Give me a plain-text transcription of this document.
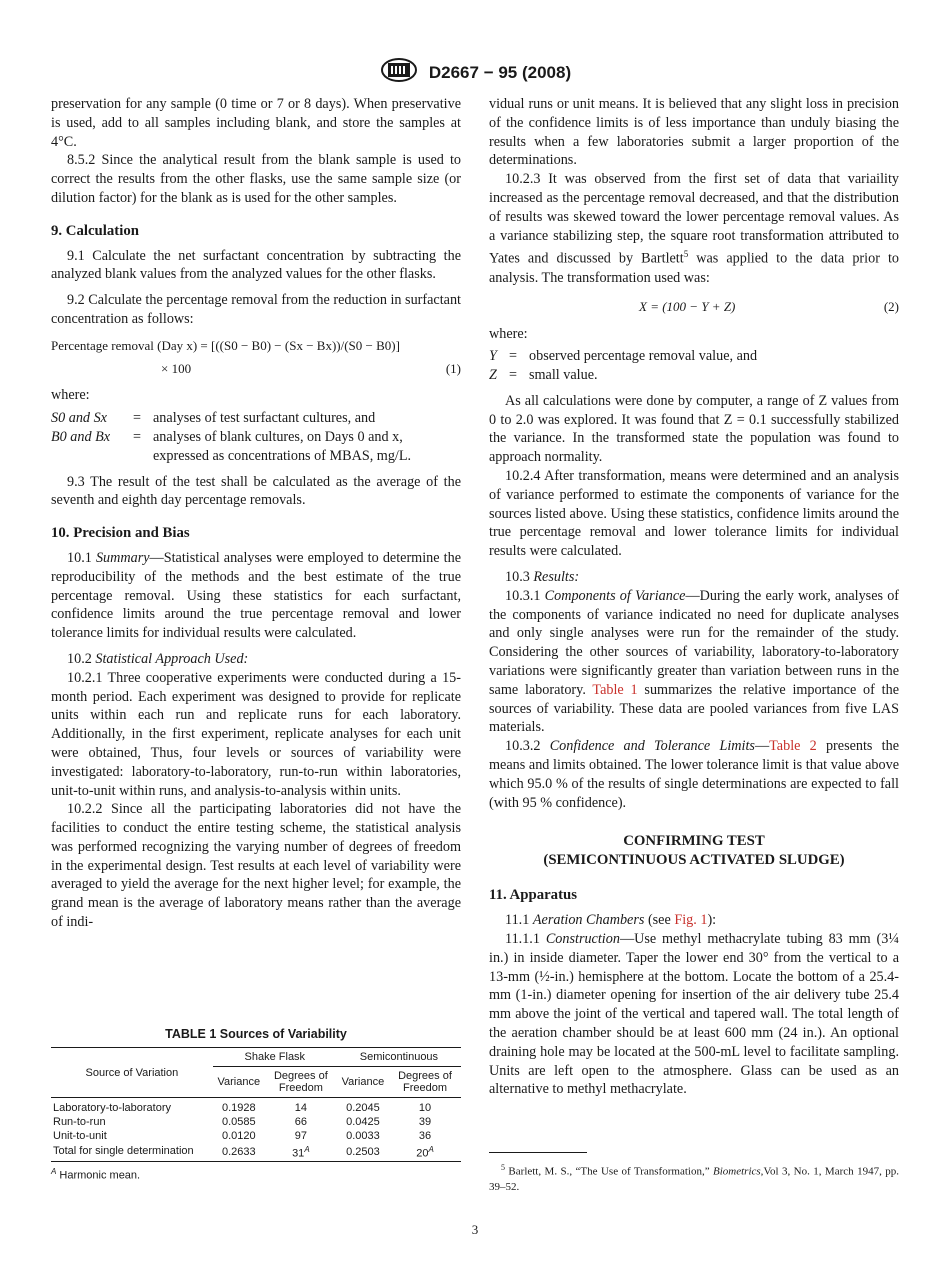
D2667 − 95 (2008)

preservation for any sample (0 time or 7 or 8 days). When preservative is used, add to all samples including blank, and store the samples at 4°C.

8.5.2 Since the analytical result from the blank sample is used to correct the results from the other flasks, use the same sample size (or dilution factor) for the blank as is used for the other samples.

9. Calculation

9.1 Calculate the net surfactant concentration by subtracting the analyzed blank values from the analyzed values for the other flasks.

9.2 Calculate the percentage removal from the reduction in surfactant concentration as follows:

Percentage removal (Day x) = [((S0 − B0) − (Sx − Bx))/(S0 − B0)]
× 100	(1)

where:

S0 and Sx	=	analyses of test surfactant cultures, and
B0 and Bx	=	analyses of blank cultures, on Days 0 and x, expressed as concentrations of MBAS, mg/L.

9.3 The result of the test shall be calculated as the average of the seventh and eighth day percentage removals.

10. Precision and Bias

10.1 Summary—Statistical analyses were employed to determine the reproducibility of the methods and the best estimate of the true percentage removal. Using these statistics for each surfactant, confidence limits around the true percentage removal and lower tolerance limits for individual results were calculated.

10.2 Statistical Approach Used:

10.2.1 Three cooperative experiments were conducted during a 15-month period. Each experiment was designed to provide for replicate units within each run and replicate runs for each laboratory. Additionally, in the first experiment, replicate analyses for each unit were obtained, Thus, four levels or sources of variability were investigated: laboratory-to-laboratory, run-to-run within laboratories, unit-to-unit within runs, and analysis-to-analysis within units.

10.2.2 Since all the participating laboratories did not have the facilities to conduct the entire testing scheme, the statistical analysis was performed recognizing the varying number of degrees of freedom in the experimental design. Test results at each level of variability were averaged to yield the average for the next higher level; for example, the grand mean is the average of laboratory means rather than the average of indi-

TABLE 1 Sources of Variability
Source of Variation	Shake Flask		Semicontinuous	
	Variance	Degrees of Freedom	Variance	Degrees of Freedom
Laboratory-to-laboratory	0.1928	14	0.2045	10
Run-to-run	0.0585	66	0.0425	39
Unit-to-unit	0.0120	97	0.0033	36
Total for single determination	0.2633	$31^A$	0.2503	$20^A$
$^A$ Harmonic mean.

vidual runs or unit means. It is believed that any slight loss in precision of the confidence limits is of less importance than unduly biasing the results when a few laboratories submit a larger proportion of the determinations.

10.2.3 It was observed from the first set of data that variaility increased as the percentage removal decreased, and that the distribution of results was skewed toward the lower percentage removal values. As a variance stabilizing step, the square root transformation attributed to Yates and discussed by Bartlett$^5$ was applied to the data prior to analysis. The transformation used was:

X = (100 − Y + Z)	(2)

where:

Y	=	observed percentage removal value, and
Z	=	small value.

As all calculations were done by computer, a range of Z values from 0 to 2.0 was explored. It was found that Z = 0.1 successfully stabilized the variance. In the transformed state the population was found to approach normality.

10.2.4 After transformation, means were determined and an analysis of variance performed to estimate the components of variance for the sources listed above. Using these statistics, confidence limits around the true percentage removal and lower tolerance limits for individual results were calculated.

10.3 Results:

10.3.1 Components of Variance—During the early work, analyses of the components of variance indicated no need for duplicate analyses and only single analyses were run for the remainder of the study. Considering the other sources of variability, laboratory-to-laboratory variations were significantly greater than variation between runs in the same laboratory. Table 1 summarizes the relative importance of the sources of variability. These data are pooled variances from five LAS materials.

10.3.2 Confidence and Tolerance Limits—Table 2 presents the means and limits obtained. The lower tolerance limit is that value above which 95.0 % of the results of single determinations are expected to fall (with 95 % confidence).

CONFIRMING TEST
(SEMICONTINUOUS ACTIVATED SLUDGE)
11. Apparatus

11.1 Aeration Chambers (see Fig. 1):

11.1.1 Construction—Use methyl methacrylate tubing 83 mm (3¼ in.) in inside diameter. Taper the lower end 30° from the vertical to a 13-mm (½-in.) hemisphere at the bottom. Locate the bottom of a 25.4-mm (1-in.) diameter opening for insertion of the air delivery tube 25.4 mm above the joint of the vertical and tapered wall. The total length of the aeration chamber should be at least 600 mm (24 in.). An optional draining hole may be located at the 500-mL level to facilitate sampling. Units are left open to the atmosphere. Glass can be used as an alternative to methyl methacrylate.

$^5$ Barlett, M. S., “The Use of Transformation,” Biometrics,Vol 3, No. 1, March 1947, pp. 39–52.
3
